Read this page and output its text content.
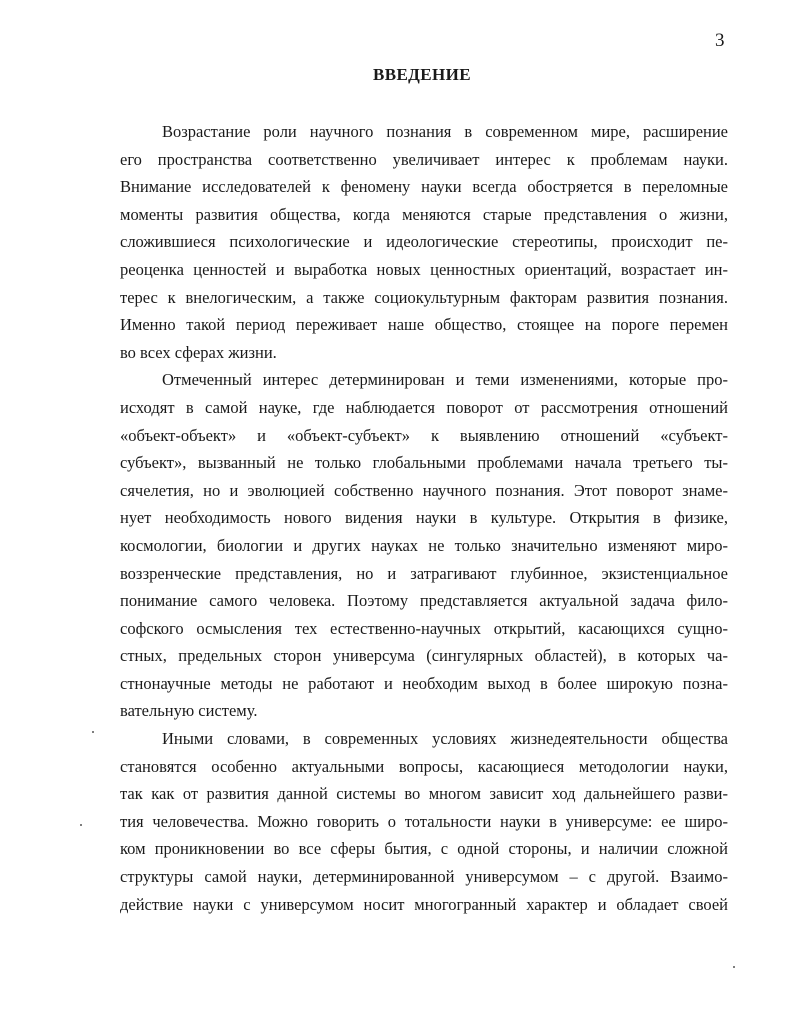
3
ВВЕДЕНИЕ

Возрастание роли научного познания в современном мире, расширение
его пространства соответственно увеличивает интерес к проблемам науки.
Внимание исследователей к феномену науки всегда обостряется в переломные
моменты развития общества, когда меняются старые представления о жизни,
сложившиеся психологические и идеологические стереотипы, происходит пе-
реоценка ценностей и выработка новых ценностных ориентаций, возрастает ин-
терес к внелогическим, а также социокультурным факторам развития познания.
Именно такой период переживает наше общество, стоящее на пороге перемен
во всех сферах жизни.

Отмеченный интерес детерминирован и теми изменениями, которые про-
исходят в самой науке, где наблюдается поворот от рассмотрения отношений
«объект-объект» и «объект-субъект» к выявлению отношений «субъект-
субъект», вызванный не только глобальными проблемами начала третьего ты-
сячелетия, но и эволюцией собственно научного познания. Этот поворот знаме-
нует необходимость нового видения науки в культуре. Открытия в физике,
космологии, биологии и других науках не только значительно изменяют миро-
воззренческие представления, но и затрагивают глубинное, экзистенциальное
понимание самого человека. Поэтому представляется актуальной задача фило-
софского осмысления тех естественно-научных открытий, касающихся сущно-
стных, предельных сторон универсума (сингулярных областей), в которых ча-
стнонаучные методы не работают и необходим выход в более широкую позна-
вательную систему.

Иными словами, в современных условиях жизнедеятельности общества
становятся особенно актуальными вопросы, касающиеся методологии науки,
так как от развития данной системы во многом зависит ход дальнейшего разви-
тия человечества. Можно говорить о тотальности науки в универсуме: ее широ-
ком проникновении во все сферы бытия, с одной стороны, и наличии сложной
структуры самой науки, детерминированной универсумом – с другой. Взаимо-
действие науки с универсумом носит многогранный характер и обладает своей
